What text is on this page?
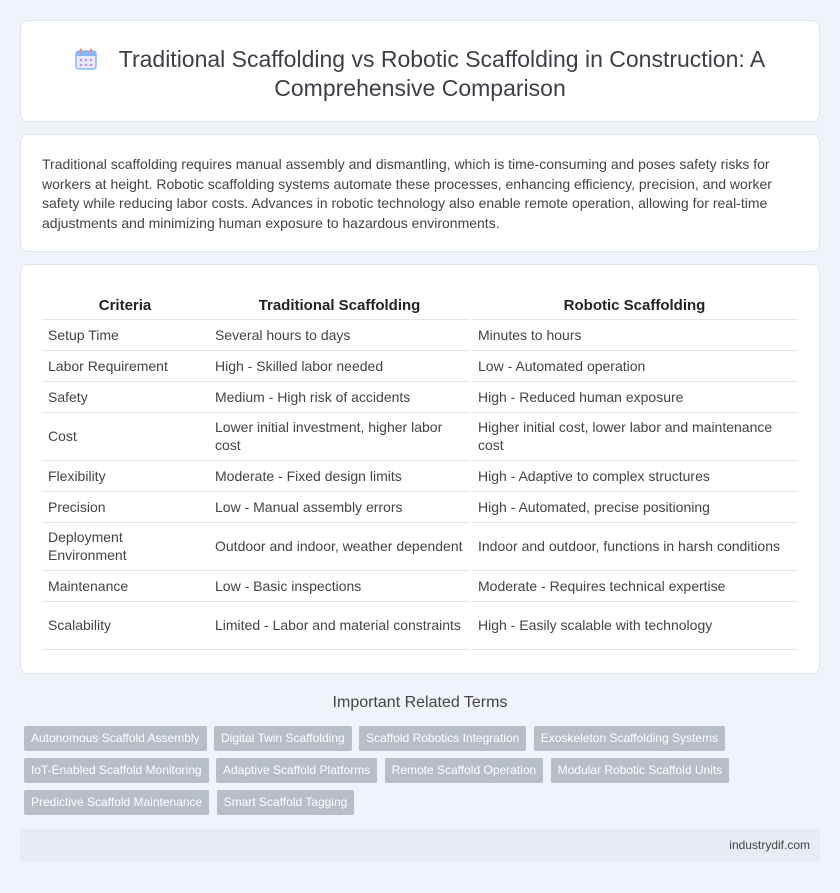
Traditional Scaffolding vs Robotic Scaffolding in Construction: A Comprehensive Comparison

Traditional scaffolding requires manual assembly and dismantling, which is time-consuming and poses safety risks for workers at height. Robotic scaffolding systems automate these processes, enhancing efficiency, precision, and worker safety while reducing labor costs. Advances in robotic technology also enable remote operation, allowing for real-time adjustments and minimizing human exposure to hazardous environments.

Criteria	Traditional Scaffolding	Robotic Scaffolding
Setup Time	Several hours to days	Minutes to hours
Labor Requirement	High - Skilled labor needed	Low - Automated operation
Safety	Medium - High risk of accidents	High - Reduced human exposure
Cost	Lower initial investment, higher labor cost	Higher initial cost, lower labor and maintenance cost
Flexibility	Moderate - Fixed design limits	High - Adaptive to complex structures
Precision	Low - Manual assembly errors	High - Automated, precise positioning
Deployment Environment	Outdoor and indoor, weather dependent	Indoor and outdoor, functions in harsh conditions
Maintenance	Low - Basic inspections	Moderate - Requires technical expertise
Scalability	Limited - Labor and material constraints	High - Easily scalable with technology
Important Related Terms
Autonomous Scaffold Assembly Digital Twin Scaffolding Scaffold Robotics Integration Exoskeleton Scaffolding Systems
IoT-Enabled Scaffold Monitoring Adaptive Scaffold Platforms Remote Scaffold Operation Modular Robotic Scaffold Units
Predictive Scaffold Maintenance Smart Scaffold Tagging
industrydif.com
